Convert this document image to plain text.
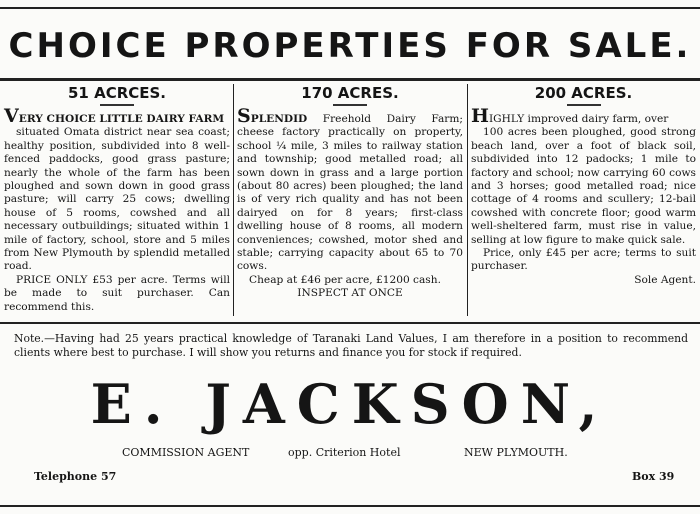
CHOICE PROPERTIES FOR SALE.
51 ACRCES.

VERY CHOICE LITTLE DAIRY FARM

situated Omata district near sea coast; healthy position, subdivided into 8 well-fenced paddocks, good grass pasture; nearly the whole of the farm has been ploughed and sown down in good grass pasture; will carry 25 cows; dwelling house of 5 rooms, cowshed and all necessary outbuildings; situated within 1 mile of factory, school, store and 5 miles from New Plymouth by splendid metalled road.

PRICE ONLY £53 per acre. Terms will be made to suit purchaser. Can recommend this.

170 ACRES.

SPLENDID Freehold Dairy Farm; cheese factory practically on property, school ¼ mile, 3 miles to railway station and township; good metalled road; all sown down in grass and a large portion (about 80 acres) been ploughed; the land is of very rich quality and has not been dairyed on for 8 years; first-class dwelling house of 8 rooms, all modern conveniences; cowshed, motor shed and stable; carrying capacity about 65 to 70 cows.

Cheap at £46 per acre, £1200 cash.

INSPECT AT ONCE

200 ACRES.

HIGHLY improved dairy farm, over

100 acres been ploughed, good strong beach land, over a foot of black soil, subdivided into 12 padocks; 1 mile to factory and school; now carrying 60 cows and 3 horses; good metalled road; nice cottage of 4 rooms and scullery; 12-bail cowshed with concrete floor; good warm well-sheltered farm, must rise in value, selling at low figure to make quick sale.

Price, only £45 per acre; terms to suit purchaser.

Sole Agent.

Note.—Having had 25 years practical knowledge of Taranaki Land Values, I am therefore in a position to recommend clients where best to purchase. I will show you returns and finance you for stock if required.
E. JACKSON,
COMMISSION AGENT	opp. Criterion Hotel	NEW PLYMOUTH.
Telephone 57	Box 39
